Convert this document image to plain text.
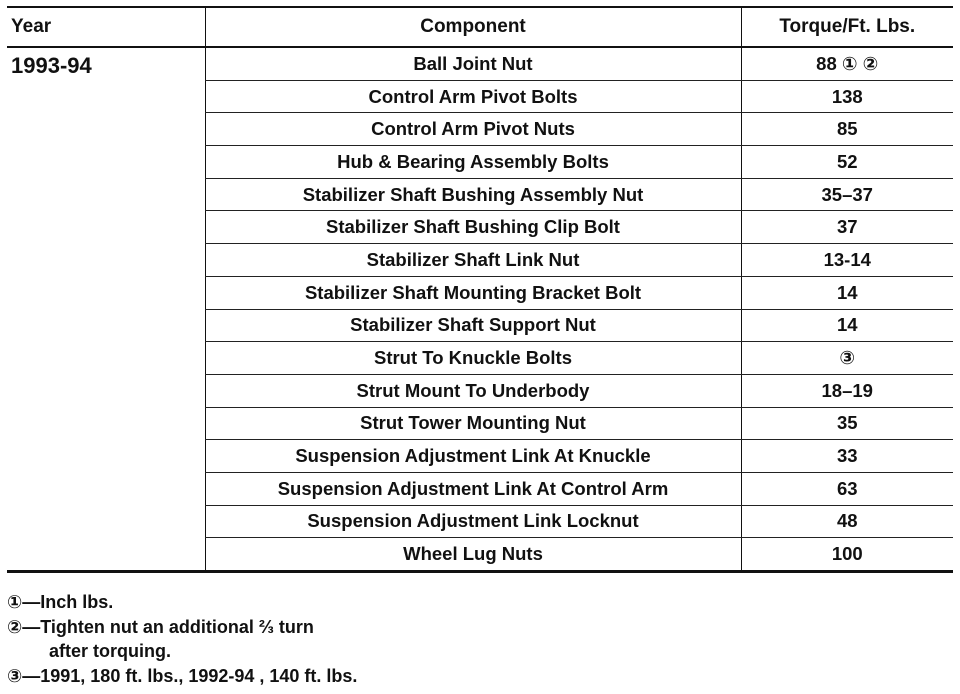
Year	Component	Torque/Ft. Lbs.
1993-94	Ball Joint Nut	88 ① ②
	Control Arm Pivot Bolts	138
	Control Arm Pivot Nuts	85
	Hub & Bearing Assembly Bolts	52
	Stabilizer Shaft Bushing Assembly Nut	35–37
	Stabilizer Shaft Bushing Clip Bolt	37
	Stabilizer Shaft Link Nut	13-14
	Stabilizer Shaft Mounting Bracket Bolt	14
	Stabilizer Shaft Support Nut	14
	Strut To Knuckle Bolts	③
	Strut Mount To Underbody	18–19
	Strut Tower Mounting Nut	35
	Suspension Adjustment Link At Knuckle	33
	Suspension Adjustment Link At Control Arm	63
	Suspension Adjustment Link Locknut	48
	Wheel Lug Nuts	100
①—Inch lbs.
②—Tighten nut an additional ⅔ turn
after torquing.
③—1991, 180 ft. lbs., 1992-94 , 140 ft. lbs.
